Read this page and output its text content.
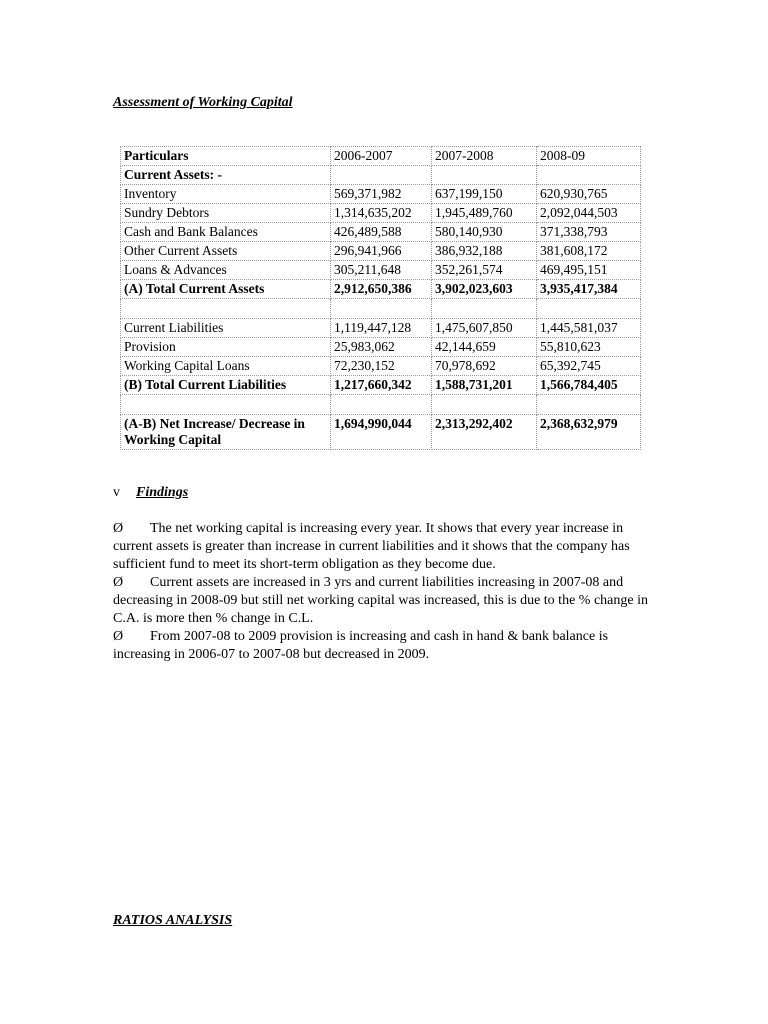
Assessment of Working Capital
Particulars	2006-2007	2007-2008	2008-09
Current Assets: -			
Inventory	569,371,982	637,199,150	620,930,765
Sundry Debtors	1,314,635,202	1,945,489,760	2,092,044,503
Cash and Bank Balances	426,489,588	580,140,930	371,338,793
Other Current Assets	296,941,966	386,932,188	381,608,172
Loans & Advances	305,211,648	352,261,574	469,495,151
(A) Total Current Assets	2,912,650,386	3,902,023,603	3,935,417,384

Current Liabilities	1,119,447,128	1,475,607,850	1,445,581,037
Provision	25,983,062	42,144,659	55,810,623
Working Capital Loans	72,230,152	70,978,692	65,392,745
(B) Total Current Liabilities	1,217,660,342	1,588,731,201	1,566,784,405

(A-B) Net Increase/ Decrease in Working Capital	1,694,990,044	2,313,292,402	2,368,632,979
v Findings
Ø The net working capital is increasing every year. It shows that every year increase in current assets is greater than increase in current liabilities and it shows that the company has sufficient fund to meet its short-term obligation as they become due.
Ø Current assets are increased in 3 yrs and current liabilities increasing in 2007-08 and decreasing in 2008-09 but still net working capital was increased, this is due to the % change in C.A. is more then % change in C.L.
Ø From 2007-08 to 2009 provision is increasing and cash in hand & bank balance is increasing in 2006-07 to 2007-08 but decreased in 2009.
RATIOS ANALYSIS
